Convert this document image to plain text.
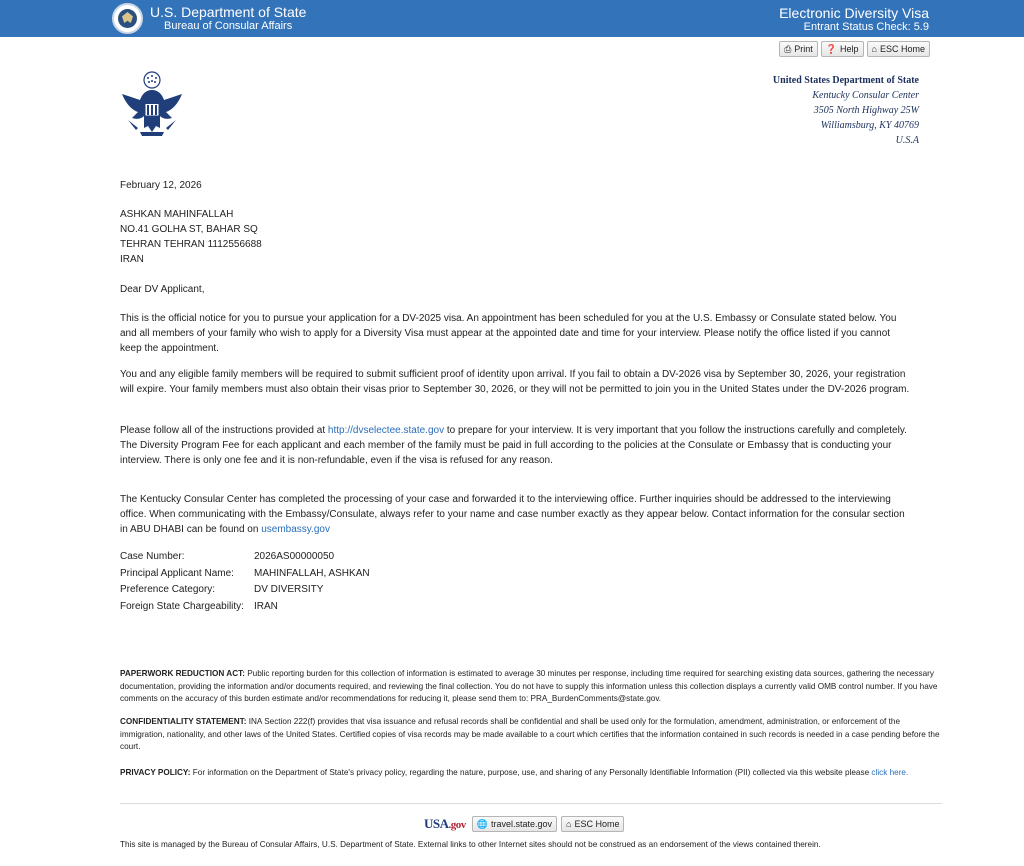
U.S. Department of State
Bureau of Consular Affairs
Electronic Diversity Visa
Entrant Status Check: 5.9
⎙ Print ❓ Help ⌂ ESC Home
United States Department of State
Kentucky Consular Center
3505 North Highway 25W
Williamsburg, KY 40769
U.S.A

February 12, 2026

ASHKAN MAHINFALLAH

NO.41 GOLHA ST, BAHAR SQ

TEHRAN TEHRAN 1112556688

IRAN

Dear DV Applicant,

This is the official notice for you to pursue your application for a DV-2025 visa. An appointment has been scheduled for you at the U.S. Embassy or Consulate stated below. You and all members of your family who wish to apply for a Diversity Visa must appear at the appointed date and time for your interview. Please notify the office listed if you cannot keep the appointment.

You and any eligible family members will be required to submit sufficient proof of identity upon arrival. If you fail to obtain a DV-2026 visa by September 30, 2026, your registration will expire. Your family members must also obtain their visas prior to September 30, 2026, or they will not be permitted to join you in the United States under the DV-2026 program.

Please follow all of the instructions provided at http://dvselectee.state.gov to prepare for your interview. It is very important that you follow the instructions carefully and completely. The Diversity Program Fee for each applicant and each member of the family must be paid in full according to the policies at the Consulate or Embassy that is conducting your interview. There is only one fee and it is non-refundable, even if the visa is refused for any reason.

The Kentucky Consular Center has completed the processing of your case and forwarded it to the interviewing office. Further inquiries should be addressed to the interviewing office. When communicating with the Embassy/Consulate, always refer to your name and case number exactly as they appear below. Contact information for the consular section in ABU DHABI can be found on usembassy.gov

Case Number:	2026AS00000050
Principal Applicant Name:	MAHINFALLAH, ASHKAN
Preference Category:	DV DIVERSITY
Foreign State Chargeability:	IRAN
PAPERWORK REDUCTION ACT: Public reporting burden for this collection of information is estimated to average 30 minutes per response, including time required for searching existing data sources, gathering the necessary documentation, providing the information and/or documents required, and reviewing the final collection. You do not have to supply this information unless this collection displays a currently valid OMB control number. If you have comments on the accuracy of this burden estimate and/or recommendations for reducing it, please send them to: PRA_BurdenComments@state.gov.
CONFIDENTIALITY STATEMENT: INA Section 222(f) provides that visa issuance and refusal records shall be confidential and shall be used only for the formulation, amendment, administration, or enforcement of the immigration, nationality, and other laws of the United States. Certified copies of visa records may be made available to a court which certifies that the information contained in such records is needed in a case pending before the court.
PRIVACY POLICY: For information on the Department of State's privacy policy, regarding the nature, purpose, use, and sharing of any Personally Identifiable Information (PII) collected via this website please click here.
USA.gov 🌐 travel.state.gov ⌂ ESC Home
This site is managed by the Bureau of Consular Affairs, U.S. Department of State. External links to other Internet sites should not be construed as an endorsement of the views contained therein.
